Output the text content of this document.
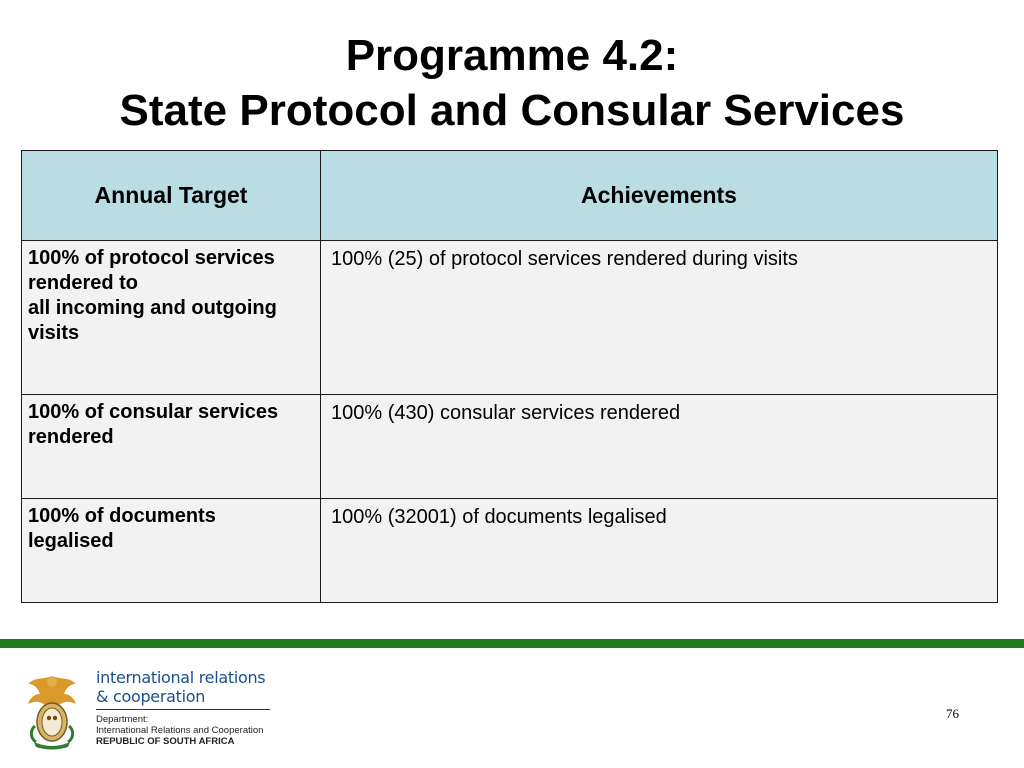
Programme 4.2:
State Protocol and Consular Services
Annual Target	Achievements

100% of protocol services
rendered to
all incoming and outgoing
visits	100% (25) of protocol services rendered during visits

100% of consular services
rendered	100% (430) consular services rendered

100% of documents
legalised	100% (32001) of documents legalised
international relations
& cooperation
Department:
International Relations and Cooperation
REPUBLIC OF SOUTH AFRICA
76
